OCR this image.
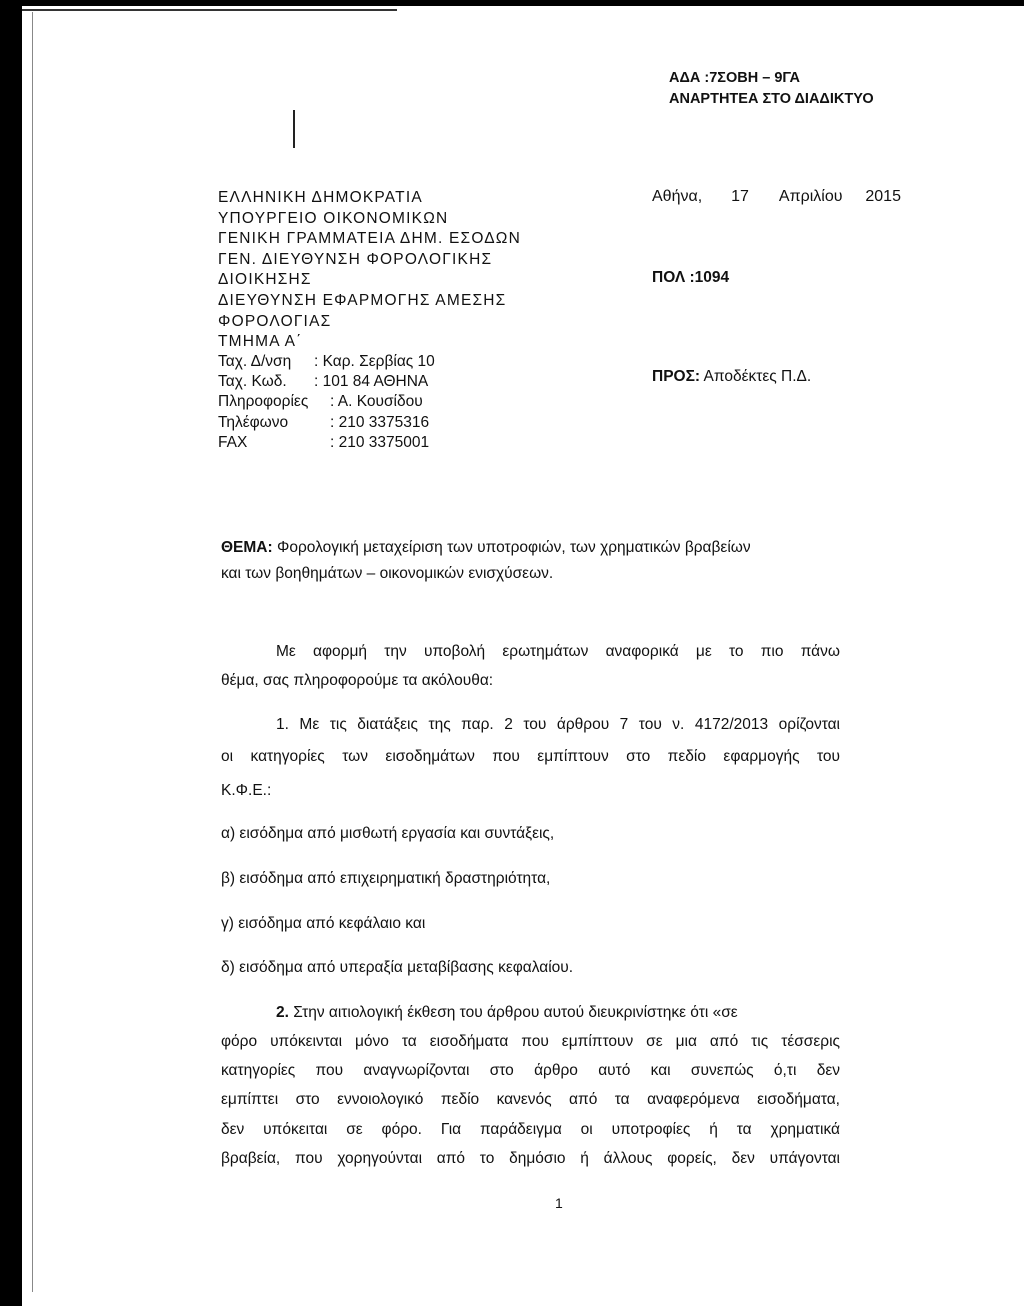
ΑΔΑ :7ΣΟΒΗ – 9ΓΑ
ΑΝΑΡΤΗΤΕΑ ΣΤΟ ΔΙΑΔΙΚΤΥΟ
ΕΛΛΗΝΙΚΗ ΔΗΜΟΚΡΑΤΙΑ
ΥΠΟΥΡΓΕΙΟ ΟΙΚΟΝΟΜΙΚΩΝ
ΓΕΝΙΚΗ ΓΡΑΜΜΑΤΕΙΑ ΔΗΜ. ΕΣΟΔΩΝ
ΓΕΝ. ΔΙΕΥΘΥΝΣΗ ΦΟΡΟΛΟΓΙΚΗΣ
ΔΙΟΙΚΗΣΗΣ
ΔΙΕΥΘΥΝΣΗ ΕΦΑΡΜΟΓΗΣ ΑΜΕΣΗΣ
ΦΟΡΟΛΟΓΙΑΣ
ΤΜΗΜΑ Α΄
Ταχ. Δ/νση : Καρ. Σερβίας 10
Ταχ. Κωδ. : 101 84 ΑΘΗΝΑ
Πληροφορίες : Α. Κουσίδου
Τηλέφωνο	: 210 3375316
FAX	: 210 3375001
Αθήνα, 17 Απριλίου 2015
ΠΟΛ :1094
ΠΡΟΣ: Αποδέκτες Π.Δ.
ΘΕΜΑ: Φορολογική μεταχείριση των υποτροφιών, των χρηματικών βραβείων
και των βοηθημάτων – οικονομικών ενισχύσεων.
Με αφορμή την υποβολή ερωτημάτων αναφορικά με το πιο πάνω
θέμα, σας πληροφορούμε τα ακόλουθα:
1. Με τις διατάξεις της παρ. 2 του άρθρου 7 του ν. 4172/2013 ορίζονται
οι κατηγορίες των εισοδημάτων που εμπίπτουν στο πεδίο εφαρμογής του
Κ.Φ.Ε.:
α) εισόδημα από μισθωτή εργασία και συντάξεις,
β) εισόδημα από επιχειρηματική δραστηριότητα,
γ) εισόδημα από κεφάλαιο και
δ) εισόδημα από υπεραξία μεταβίβασης κεφαλαίου.
2. Στην αιτιολογική έκθεση του άρθρου αυτού διευκρινίστηκε ότι «σε
φόρο υπόκεινται μόνο τα εισοδήματα που εμπίπτουν σε μια από τις τέσσερις
κατηγορίες που αναγνωρίζονται στο άρθρο αυτό και συνεπώς ό,τι δεν
εμπίπτει στο εννοιολογικό πεδίο κανενός από τα αναφερόμενα εισοδήματα,
δεν υπόκειται σε φόρο. Για παράδειγμα οι υποτροφίες ή τα χρηματικά
βραβεία, που χορηγούνται από το δημόσιο ή άλλους φορείς, δεν υπάγονται
1
